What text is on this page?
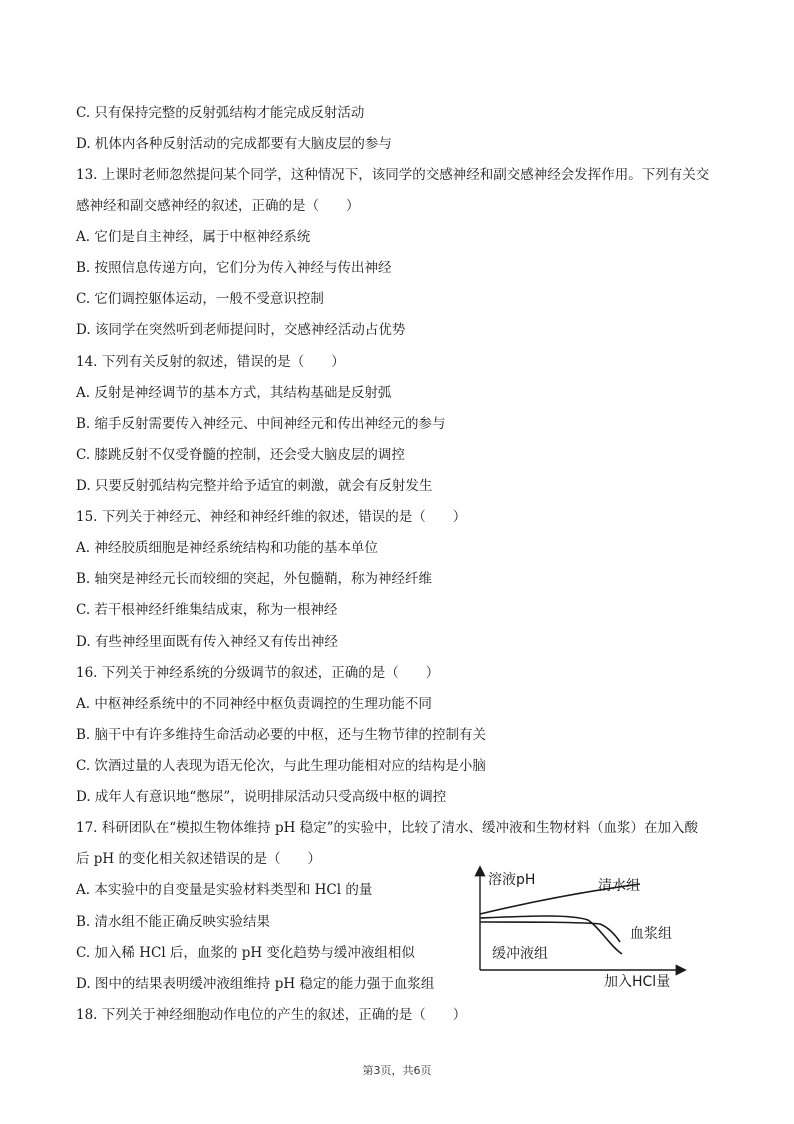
C. 只有保持完整的反射弧结构才能完成反射活动
D. 机体内各种反射活动的完成都要有大脑皮层的参与
13. 上课时老师忽然提问某个同学，这种情况下，该同学的交感神经和副交感神经会发挥作用。下列有关交
感神经和副交感神经的叙述，正确的是（　　）
A. 它们是自主神经，属于中枢神经系统
B. 按照信息传递方向，它们分为传入神经与传出神经
C. 它们调控躯体运动，一般不受意识控制
D. 该同学在突然听到老师提问时，交感神经活动占优势
14. 下列有关反射的叙述，错误的是（　　）
A. 反射是神经调节的基本方式，其结构基础是反射弧
B. 缩手反射需要传入神经元、中间神经元和传出神经元的参与
C. 膝跳反射不仅受脊髓的控制，还会受大脑皮层的调控
D. 只要反射弧结构完整并给予适宜的刺激，就会有反射发生
15. 下列关于神经元、神经和神经纤维的叙述，错误的是（　　）
A. 神经胶质细胞是神经系统结构和功能的基本单位
B. 轴突是神经元长而较细的突起，外包髓鞘，称为神经纤维
C. 若干根神经纤维集结成束，称为一根神经
D. 有些神经里面既有传入神经又有传出神经
16. 下列关于神经系统的分级调节的叙述，正确的是（　　）
A. 中枢神经系统中的不同神经中枢负责调控的生理功能不同
B. 脑干中有许多维持生命活动必要的中枢，还与生物节律的控制有关
C. 饮酒过量的人表现为语无伦次，与此生理功能相对应的结构是小脑
D. 成年人有意识地“憋尿”，说明排尿活动只受高级中枢的调控
17. 科研团队在“模拟生物体维持 pH 稳定”的实验中，比较了清水、缓冲液和生物材料（血浆）在加入酸
后 pH 的变化相关叙述错误的是（　　）
A. 本实验中的自变量是实验材料类型和 HCl 的量
B. 清水组不能正确反映实验结果
C. 加入稀 HCl 后，血浆的 pH 变化趋势与缓冲液组相似
D. 图中的结果表明缓冲液组维持 pH 稳定的能力强于血浆组
18. 下列关于神经细胞动作电位的产生的叙述，正确的是（　　）
溶液pH	清水组
血浆组
缓冲液组
加入HCl量
第3页，共6页
